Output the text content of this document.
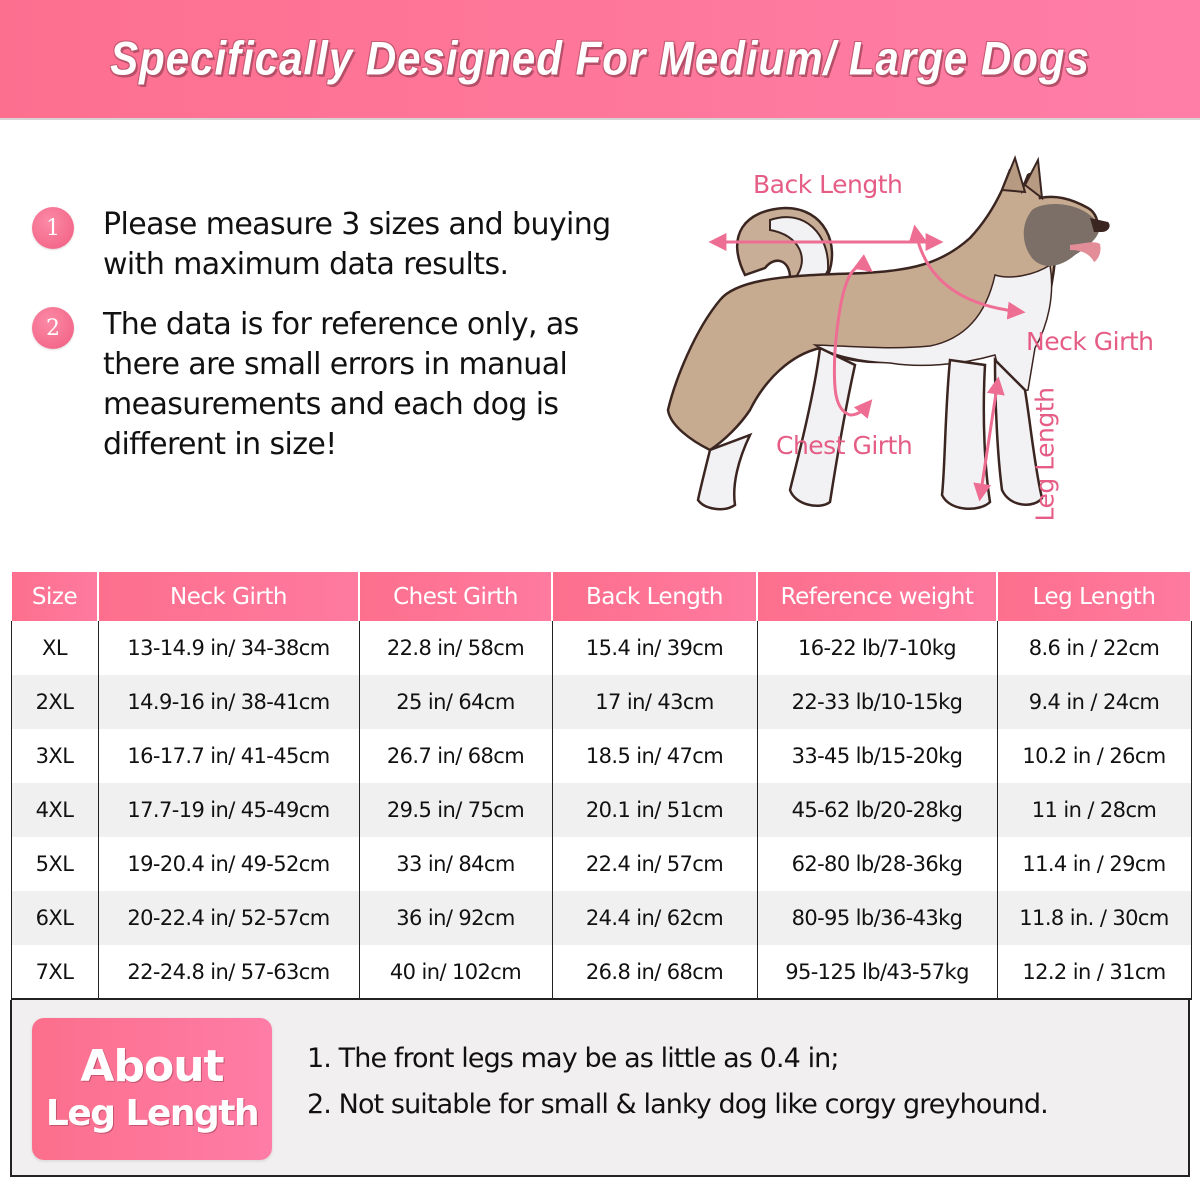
Specifically Designed For Medium/ Large Dogs
1	Please measure 3 sizes and buying with maximum data results.
2	The data is for reference only, as there are small errors in manual measurements and each dog is different in size!
Back Length
Neck Girth
Chest Girth	Leg Length
Size	Neck Girth	Chest Girth	Back Length	Reference weight	Leg Length
XL	13-14.9 in/ 34-38cm	22.8 in/ 58cm	15.4 in/ 39cm	16-22 lb/7-10kg	8.6 in / 22cm
2XL	14.9-16 in/ 38-41cm	25 in/ 64cm	17 in/ 43cm	22-33 lb/10-15kg	9.4 in / 24cm
3XL	16-17.7 in/ 41-45cm	26.7 in/ 68cm	18.5 in/ 47cm	33-45 lb/15-20kg	10.2 in / 26cm
4XL	17.7-19 in/ 45-49cm	29.5 in/ 75cm	20.1 in/ 51cm	45-62 lb/20-28kg	11 in / 28cm
5XL	19-20.4 in/ 49-52cm	33 in/ 84cm	22.4 in/ 57cm	62-80 lb/28-36kg	11.4 in / 29cm
6XL	20-22.4 in/ 52-57cm	36 in/ 92cm	24.4 in/ 62cm	80-95 lb/36-43kg	11.8 in. / 30cm
7XL	22-24.8 in/ 57-63cm	40 in/ 102cm	26.8 in/ 68cm	95-125 lb/43-57kg	12.2 in / 31cm
About
Leg Length
1. The front legs may be as little as 0.4 in;
2. Not suitable for small & lanky dog like corgy greyhound.
